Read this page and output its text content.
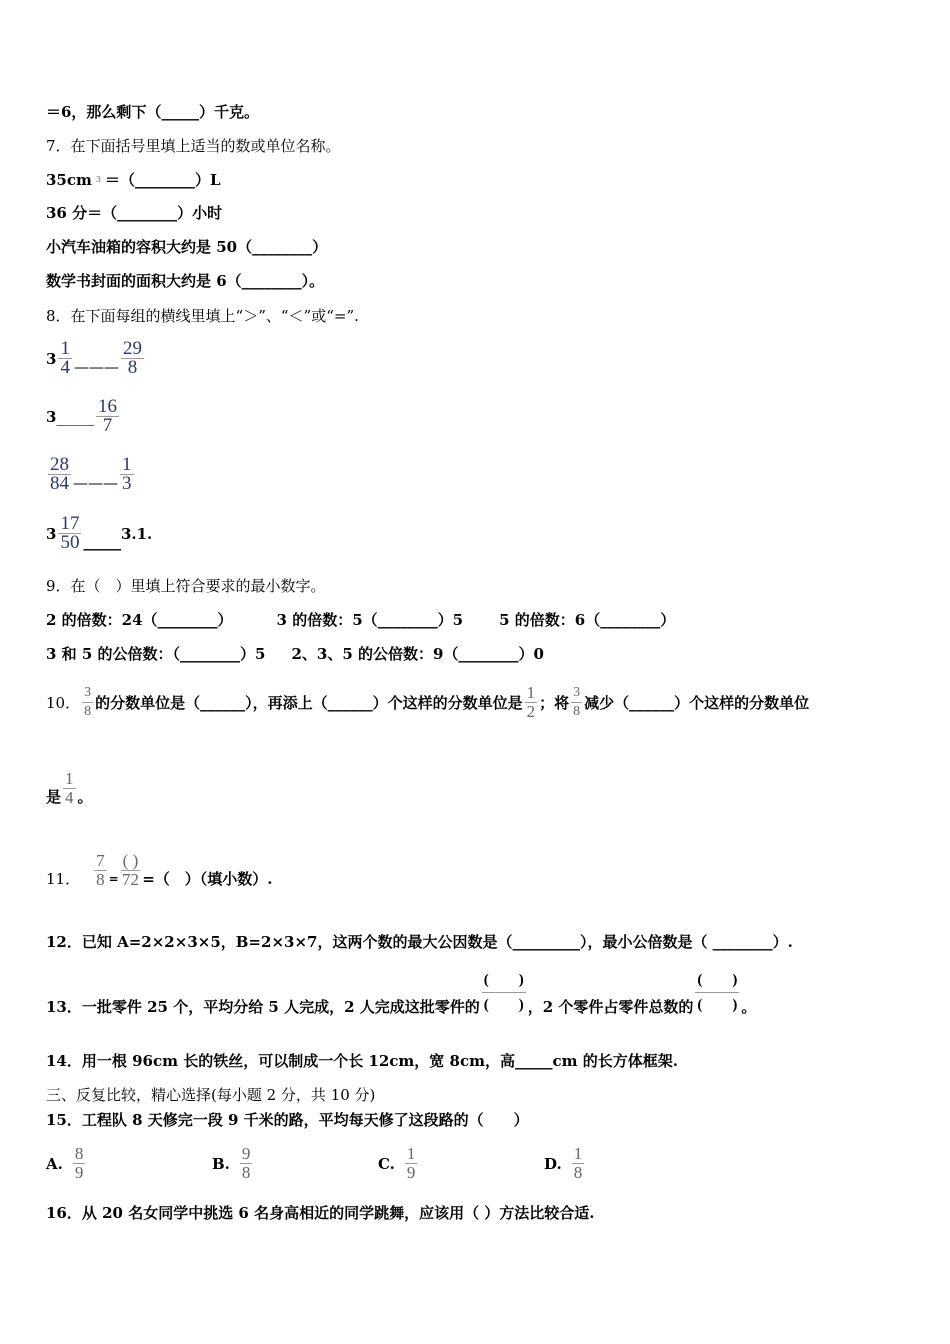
＝6，那么剩下（_____）千克。
7．在下面括号里填上适当的数或单位名称。
35cm 3 ＝（________）L
36 分＝（________）小时
小汽车油箱的容积大约是 50（________）
数学书封面的面积大约是 6（________）。
8．在下面每组的横线里填上“＞”、“＜”或“=”.
$3 \frac{1}{4}$ ——— $\frac{29}{8}$
3 _____ $\frac{16}{7}$
$\frac{28}{84}$ ——— $\frac{1}{3}$
$3 \frac{17}{50}$ _____ 3.1.
9．在（　）里填上符合要求的最小数字。
2 的倍数：24（________）	3 的倍数：5（________）5 5 的倍数：6（________）
3 和 5 的公倍数：（________）5 2、3、5 的公倍数：9（________）0
10． $\frac{3}{8}$ 的分数单位是（______），再添上（______）个这样的分数单位是 $\frac{1}{2}$ ；将 $\frac{3}{8}$ 减少（______）个这样的分数单位
是 $\frac{1}{4}$ 。
11． $\frac{7}{8} = \frac{( )}{72}$ =（　）（填小数）.
12．已知 A=2×2×3×5，B=2×3×7，这两个数的最大公因数是（_________），最小公倍数是（ ________）.
13．一批零件 25 个，平均分给 5 人完成，2 人完成这批零件的 $\frac{( )}{( )}$ ，2 个零件占零件总数的 $\frac{( )}{( )}$ 。
14．用一根 96cm 长的铁丝，可以制成一个长 12cm，宽 8cm，高_____cm 的长方体框架.
三、反复比较，精心选择(每小题 2 分，共 10 分)
15．工程队 8 天修完一段 9 千米的路，平均每天修了这段路的（　　）
A. $\frac{8}{9}$	B. $\frac{9}{8}$	C. $\frac{1}{9}$	D. $\frac{1}{8}$
16．从 20 名女同学中挑选 6 名身高相近的同学跳舞，应该用（ ）方法比较合适.
